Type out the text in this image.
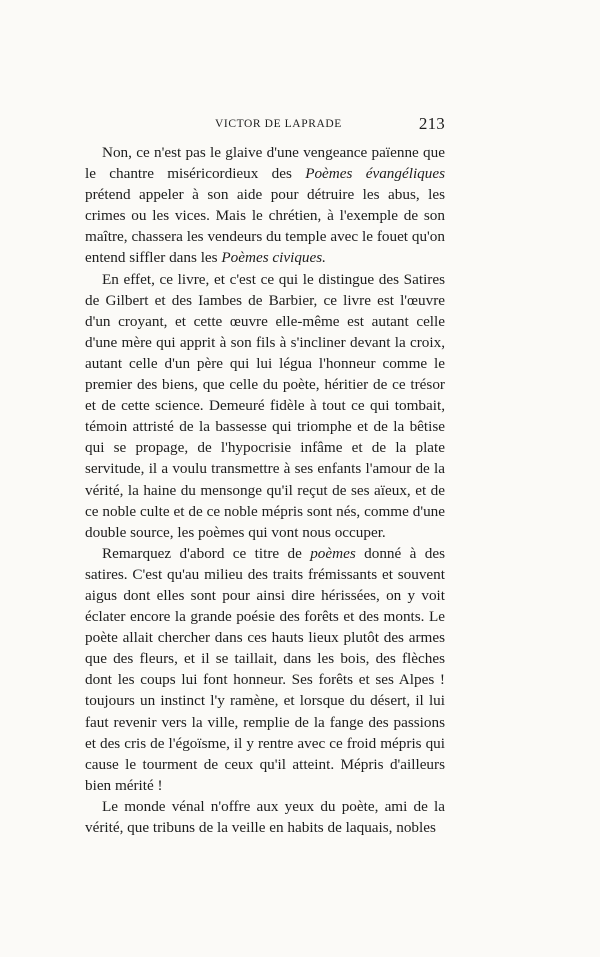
VICTOR DE LAPRADE	213

Non, ce n'est pas le glaive d'une vengeance païenne que le chantre miséricordieux des Poèmes évangéliques prétend appeler à son aide pour détruire les abus, les crimes ou les vices. Mais le chrétien, à l'exemple de son maître, chassera les vendeurs du temple avec le fouet qu'on entend siffler dans les Poèmes civiques.

En effet, ce livre, et c'est ce qui le distingue des Satires de Gilbert et des Iambes de Barbier, ce livre est l'œuvre d'un croyant, et cette œuvre elle-même est autant celle d'une mère qui apprit à son fils à s'incliner devant la croix, autant celle d'un père qui lui légua l'honneur comme le premier des biens, que celle du poète, héritier de ce trésor et de cette science. Demeuré fidèle à tout ce qui tombait, témoin attristé de la bassesse qui triomphe et de la bêtise qui se propage, de l'hypocrisie infâme et de la plate servitude, il a voulu transmettre à ses enfants l'amour de la vérité, la haine du mensonge qu'il reçut de ses aïeux, et de ce noble culte et de ce noble mépris sont nés, comme d'une double source, les poèmes qui vont nous occuper.

Remarquez d'abord ce titre de poèmes donné à des satires. C'est qu'au milieu des traits frémissants et souvent aigus dont elles sont pour ainsi dire hérissées, on y voit éclater encore la grande poésie des forêts et des monts. Le poète allait chercher dans ces hauts lieux plutôt des armes que des fleurs, et il se taillait, dans les bois, des flèches dont les coups lui font honneur. Ses forêts et ses Alpes ! toujours un instinct l'y ramène, et lorsque du désert, il lui faut revenir vers la ville, remplie de la fange des passions et des cris de l'égoïsme, il y rentre avec ce froid mépris qui cause le tourment de ceux qu'il atteint. Mépris d'ailleurs bien mérité !

Le monde vénal n'offre aux yeux du poète, ami de la vérité, que tribuns de la veille en habits de laquais, nobles
